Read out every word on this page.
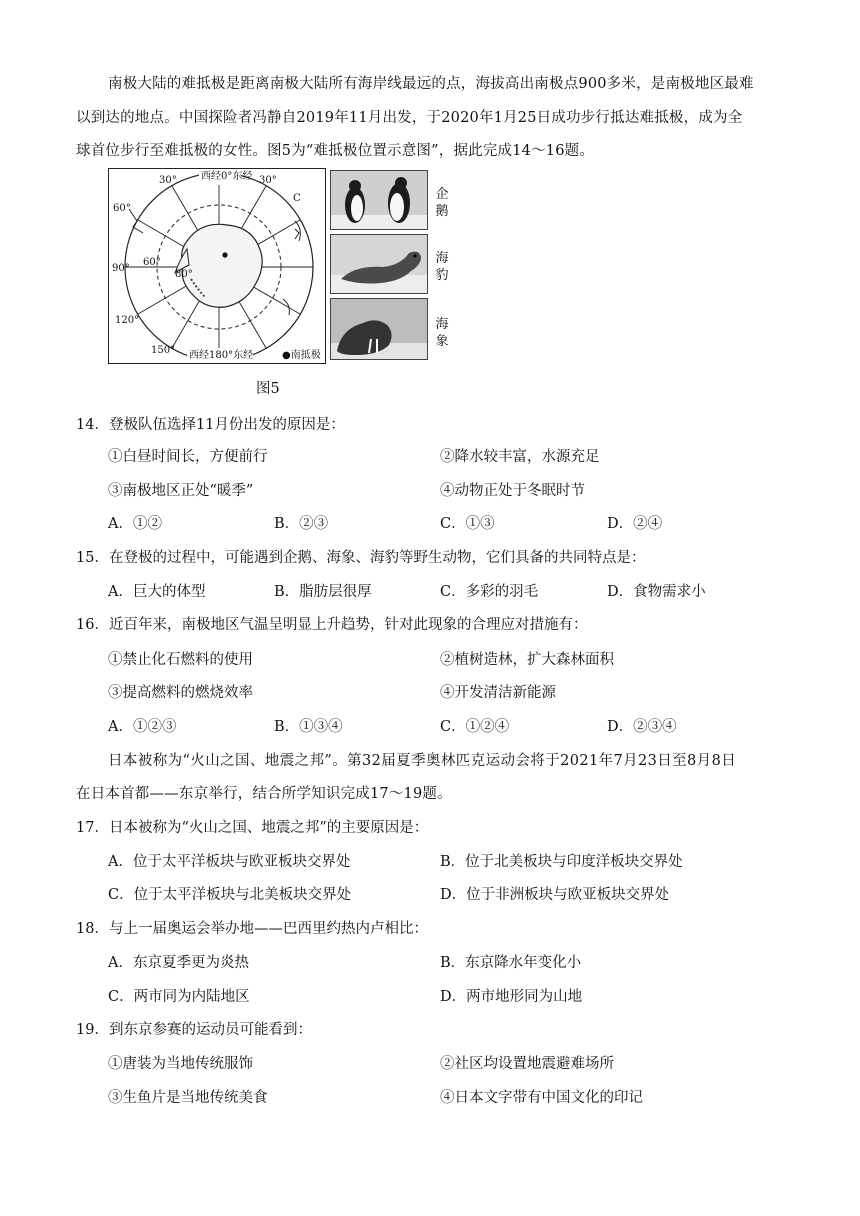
南极大陆的难抵极是距离南极大陆所有海岸线最远的点，海拔高出南极点900多米，是南极地区最难
以到达的地点。中国探险者冯静自2019年11月出发，于2020年1月25日成功步行抵达难抵极，成为全
球首位步行至难抵极的女性。图5为“难抵极位置示意图”，据此完成14～16题。
西经0°东经
西经180°东经	●南抵极
30°	30°
60°
60°
90°
80°
120°
150°
C	企鹅
海豹
海象
图5
14．登极队伍选择11月份出发的原因是：
①白昼时间长，方便前行	②降水较丰富，水源充足
③南极地区正处“暖季”	④动物正处于冬眠时节
A．①②	B．②③	C．①③	D．②④
15．在登极的过程中，可能遇到企鹅、海象、海豹等野生动物，它们具备的共同特点是：
A．巨大的体型	B．脂肪层很厚	C．多彩的羽毛	D．食物需求小
16．近百年来，南极地区气温呈明显上升趋势，针对此现象的合理应对措施有：
①禁止化石燃料的使用	②植树造林，扩大森林面积
③提高燃料的燃烧效率	④开发清洁新能源
A．①②③	B．①③④	C．①②④	D．②③④
日本被称为“火山之国、地震之邦”。第32届夏季奥林匹克运动会将于2021年7月23日至8月8日
在日本首都——东京举行，结合所学知识完成17～19题。
17．日本被称为“火山之国、地震之邦”的主要原因是：
A．位于太平洋板块与欧亚板块交界处	B．位于北美板块与印度洋板块交界处
C．位于太平洋板块与北美板块交界处	D．位于非洲板块与欧亚板块交界处
18．与上一届奥运会举办地——巴西里约热内卢相比：
A．东京夏季更为炎热	B．东京降水年变化小
C．两市同为内陆地区	D．两市地形同为山地
19．到东京参赛的运动员可能看到：
①唐装为当地传统服饰	②社区均设置地震避难场所
③生鱼片是当地传统美食	④日本文字带有中国文化的印记
